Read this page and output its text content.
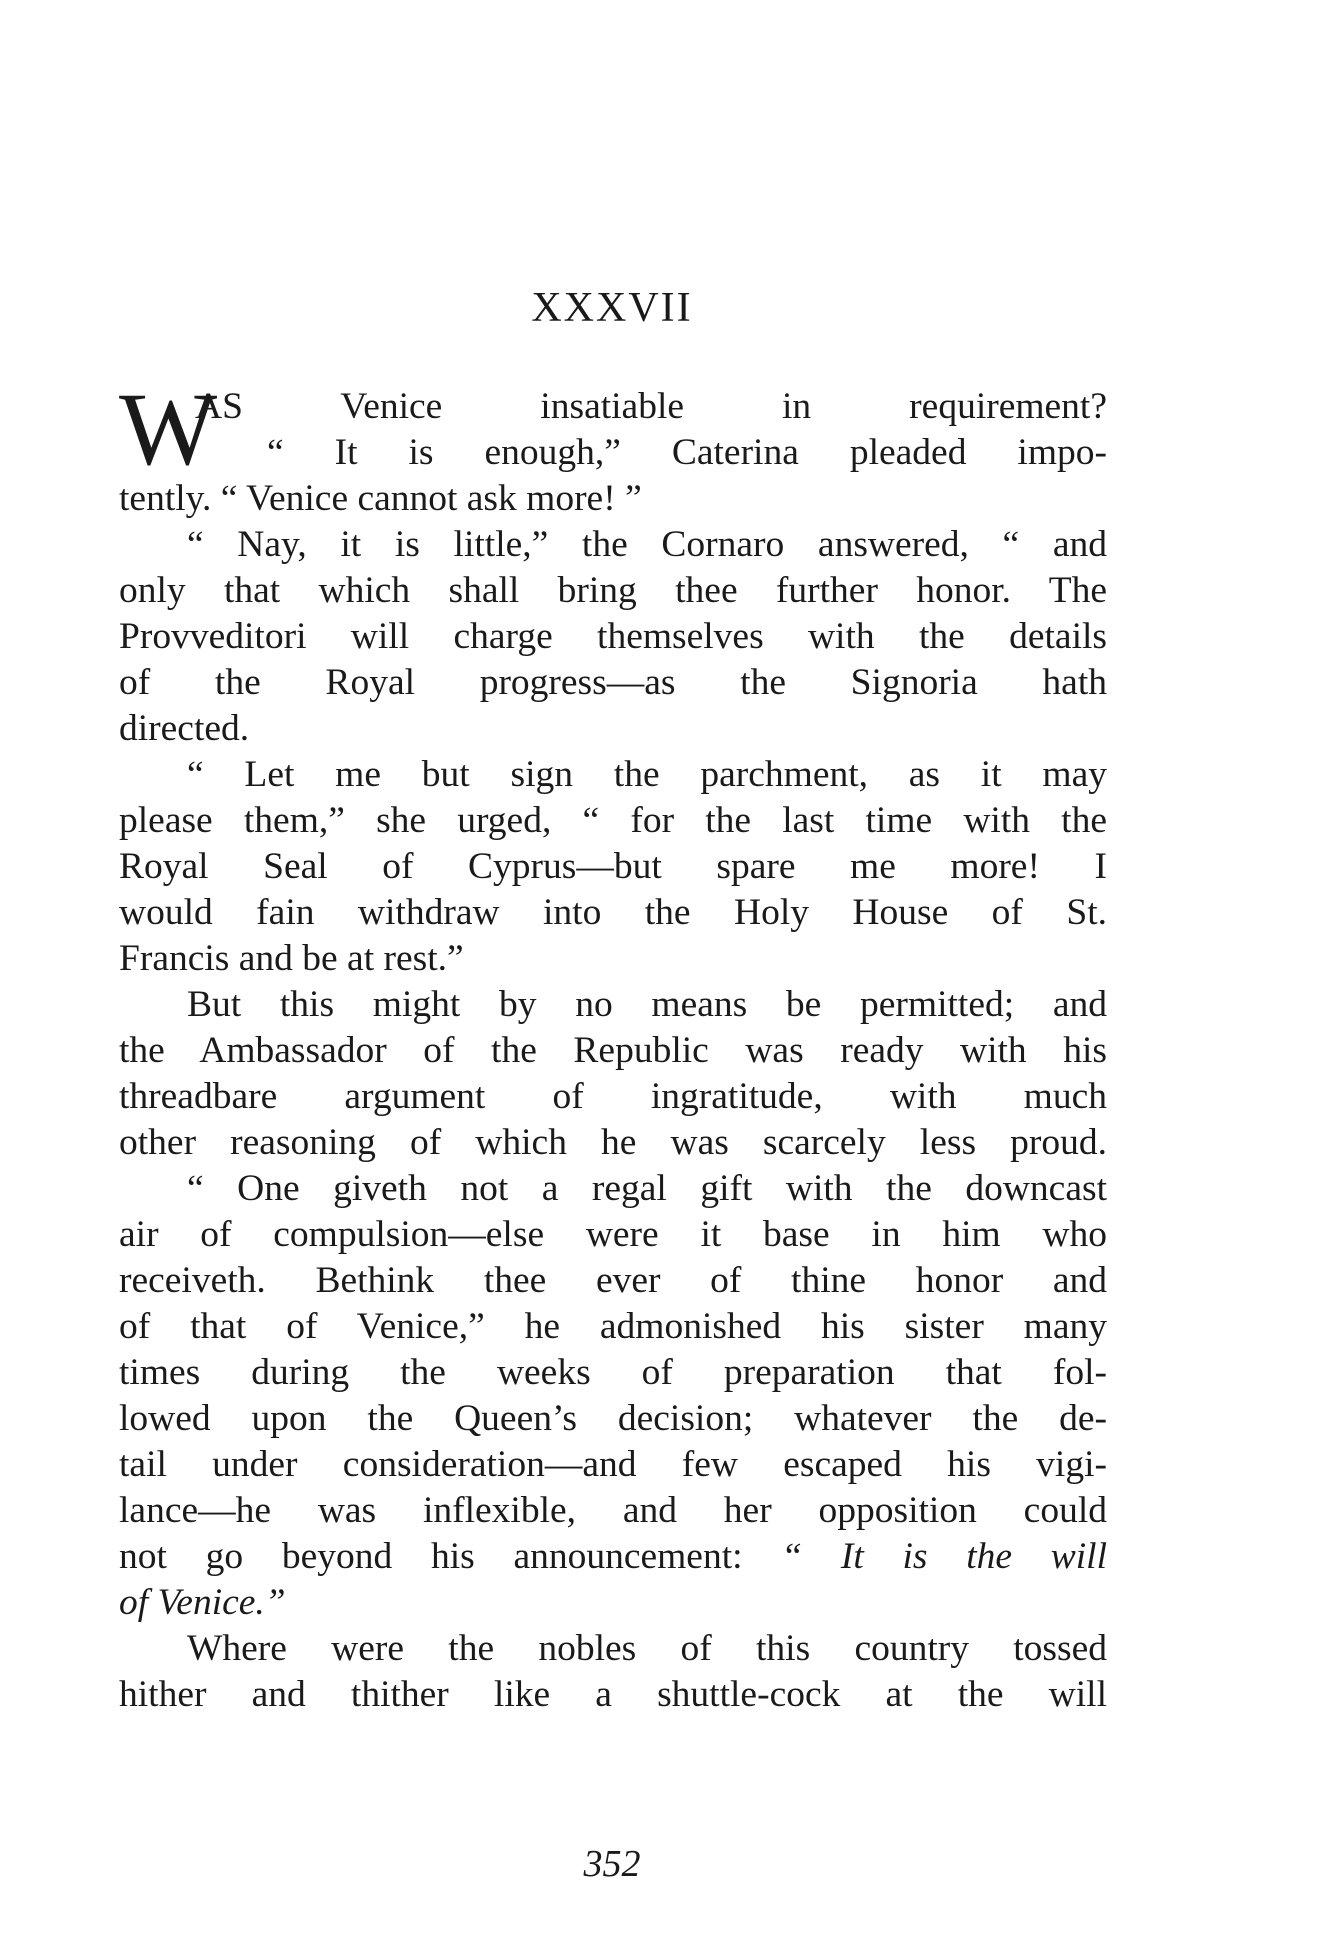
XXXVII
W
AS Venice insatiable in requirement?
“ It is enough,” Caterina pleaded impo-
tently. “ Venice cannot ask more! ”
“ Nay, it is little,” the Cornaro answered, “ and
only that which shall bring thee further honor. The
Provveditori will charge themselves with the details
of the Royal progress—as the Signoria hath
directed.
“ Let me but sign the parchment, as it may
please them,” she urged, “ for the last time with the
Royal Seal of Cyprus—but spare me more! I
would fain withdraw into the Holy House of St.
Francis and be at rest.”
But this might by no means be permitted; and
the Ambassador of the Republic was ready with his
threadbare argument of ingratitude, with much
other reasoning of which he was scarcely less proud.
“ One giveth not a regal gift with the downcast
air of compulsion—else were it base in him who
receiveth. Bethink thee ever of thine honor and
of that of Venice,” he admonished his sister many
times during the weeks of preparation that fol-
lowed upon the Queen’s decision; whatever the de-
tail under consideration—and few escaped his vigi-
lance—he was inflexible, and her opposition could
not go beyond his announcement: “ It is the will
of Venice.”
Where were the nobles of this country tossed
hither and thither like a shuttle-cock at the will
352
